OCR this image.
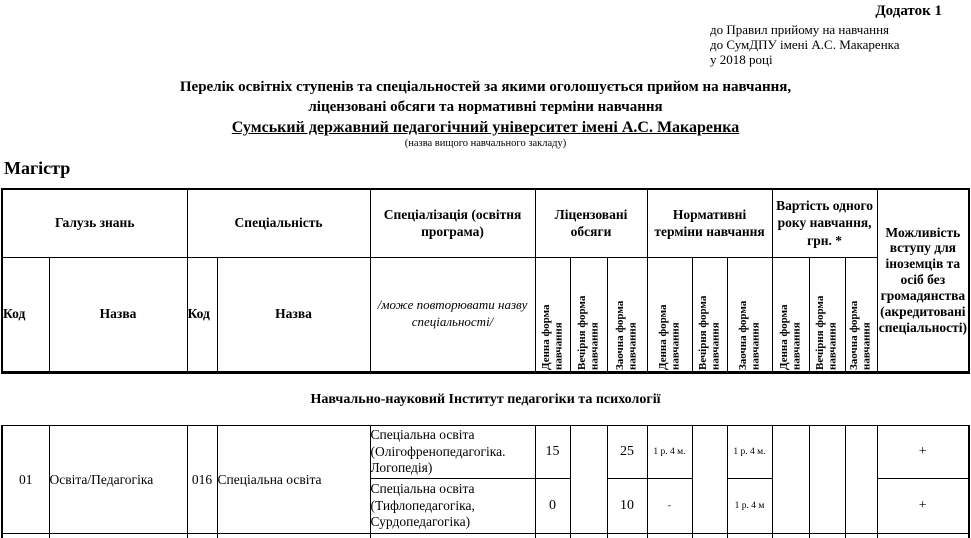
Додаток 1
до Правил прийому на навчання
до СумДПУ імені А.С. Макаренка
у 2018 році
Перелік освітніх ступенів та спеціальностей за якими оголошується прийом на навчання,
ліцензовані обсяги та нормативні терміни навчання
Сумський державний педагогічний університет імені А.С. Макаренка
(назва вищого навчального закладу)
Магістр
Галузь знань		Спеціальність		Спеціалізація (освітня програма)	Ліцензовані обсяги			Нормативні терміни навчання			Вартість одного року навчання, грн. *			Можливість вступу для іноземців та осіб без громадянства (акредитовані спеціальності)
Код	Назва	Код	Назва	/може повторювати назву спеціальності/	Денна форма навчання	Вечірня форма навчання	Заочна форма навчання	Денна форма навчання	Вечірня форма навчання	Заочна форма навчання	Денна форма навчання	Вечірня форма навчання	Заочна форма навчання	
Навчально-науковий Інститут педагогіки та психології
01	Освіта/Педагогіка	016	Спеціальна освіта	Спеціальна освіта (Олігофренопедагогіка. Логопедія)	15		25	1 р. 4 м.		1 р. 4 м.				+
				Спеціальна освіта (Тифлопедагогіка, Сурдопедагогіка)	0		10	-		1 р. 4 м				+
